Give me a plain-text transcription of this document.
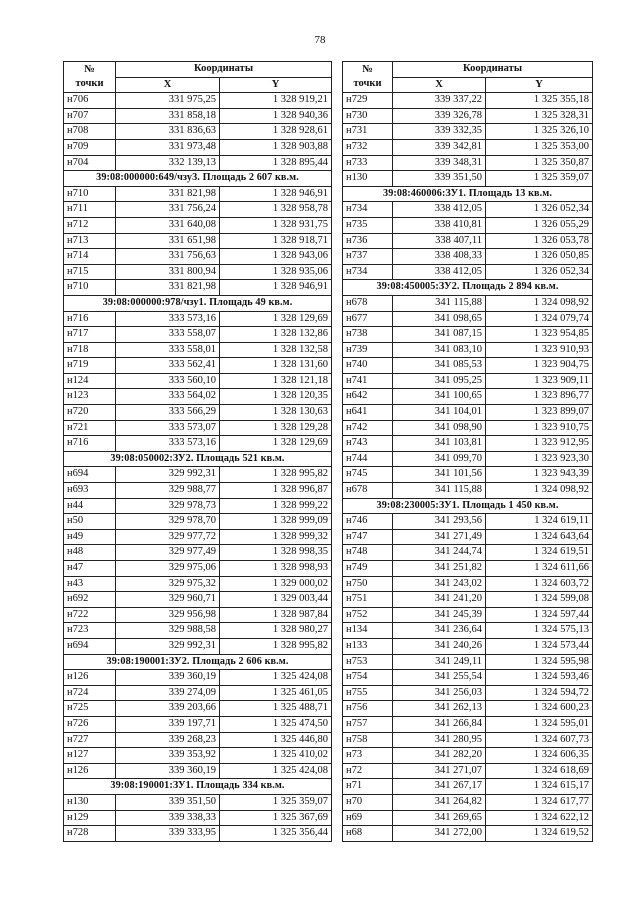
78
№
точки	Координаты	
	X	Y
н706	331 975,25	1 328 919,21
н707	331 858,18	1 328 940,36
н708	331 836,63	1 328 928,61
н709	331 973,48	1 328 903,88
н704	332 139,13	1 328 895,44
39:08:000000:649/чзу3. Площадь 2 607 кв.м.		
н710	331 821,98	1 328 946,91
н711	331 756,24	1 328 958,78
н712	331 640,08	1 328 931,75
н713	331 651,98	1 328 918,71
н714	331 756,63	1 328 943,06
н715	331 800,94	1 328 935,06
н710	331 821,98	1 328 946,91
39:08:000000:978/чзу1. Площадь 49 кв.м.		
н716	333 573,16	1 328 129,69
н717	333 558,07	1 328 132,86
н718	333 558,01	1 328 132,58
н719	333 562,41	1 328 131,60
н124	333 560,10	1 328 121,18
н123	333 564,02	1 328 120,35
н720	333 566,29	1 328 130,63
н721	333 573,07	1 328 129,28
н716	333 573,16	1 328 129,69
39:08:050002:ЗУ2. Площадь 521 кв.м.		
н694	329 992,31	1 328 995,82
н693	329 988,77	1 328 996,87
н44	329 978,73	1 328 999,22
н50	329 978,70	1 328 999,09
н49	329 977,72	1 328 999,32
н48	329 977,49	1 328 998,35
н47	329 975,06	1 328 998,93
н43	329 975,32	1 329 000,02
н692	329 960,71	1 329 003,44
н722	329 956,98	1 328 987,84
н723	329 988,58	1 328 980,27
н694	329 992,31	1 328 995,82
39:08:190001:ЗУ2. Площадь 2 606 кв.м.		
н126	339 360,19	1 325 424,08
н724	339 274,09	1 325 461,05
н725	339 203,66	1 325 488,71
н726	339 197,71	1 325 474,50
н727	339 268,23	1 325 446,80
н127	339 353,92	1 325 410,02
н126	339 360,19	1 325 424,08
39:08:190001:ЗУ1. Площадь 334 кв.м.		
н130	339 351,50	1 325 359,07
н129	339 338,33	1 325 367,69
н728	339 333,95	1 325 356,44
№
точки	Координаты	
	X	Y
н729	339 337,22	1 325 355,18
н730	339 326,78	1 325 328,31
н731	339 332,35	1 325 326,10
н732	339 342,81	1 325 353,00
н733	339 348,31	1 325 350,87
н130	339 351,50	1 325 359,07
39:08:460006:ЗУ1. Площадь 13 кв.м.		
н734	338 412,05	1 326 052,34
н735	338 410,81	1 326 055,29
н736	338 407,11	1 326 053,78
н737	338 408,33	1 326 050,85
н734	338 412,05	1 326 052,34
39:08:450005:ЗУ2. Площадь 2 894 кв.м.		
н678	341 115,88	1 324 098,92
н677	341 098,65	1 324 079,74
н738	341 087,15	1 323 954,85
н739	341 083,10	1 323 910,93
н740	341 085,53	1 323 904,75
н741	341 095,25	1 323 909,11
н642	341 100,65	1 323 896,77
н641	341 104,01	1 323 899,07
н742	341 098,90	1 323 910,75
н743	341 103,81	1 323 912,95
н744	341 099,70	1 323 923,30
н745	341 101,56	1 323 943,39
н678	341 115,88	1 324 098,92
39:08:230005:ЗУ1. Площадь 1 450 кв.м.		
н746	341 293,56	1 324 619,11
н747	341 271,49	1 324 643,64
н748	341 244,74	1 324 619,51
н749	341 251,82	1 324 611,66
н750	341 243,02	1 324 603,72
н751	341 241,20	1 324 599,08
н752	341 245,39	1 324 597,44
н134	341 236,64	1 324 575,13
н133	341 240,26	1 324 573,44
н753	341 249,11	1 324 595,98
н754	341 255,54	1 324 593,46
н755	341 256,03	1 324 594,72
н756	341 262,13	1 324 600,23
н757	341 266,84	1 324 595,01
н758	341 280,95	1 324 607,73
н73	341 282,20	1 324 606,35
н72	341 271,07	1 324 618,69
н71	341 267,17	1 324 615,17
н70	341 264,82	1 324 617,77
н69	341 269,65	1 324 622,12
н68	341 272,00	1 324 619,52
